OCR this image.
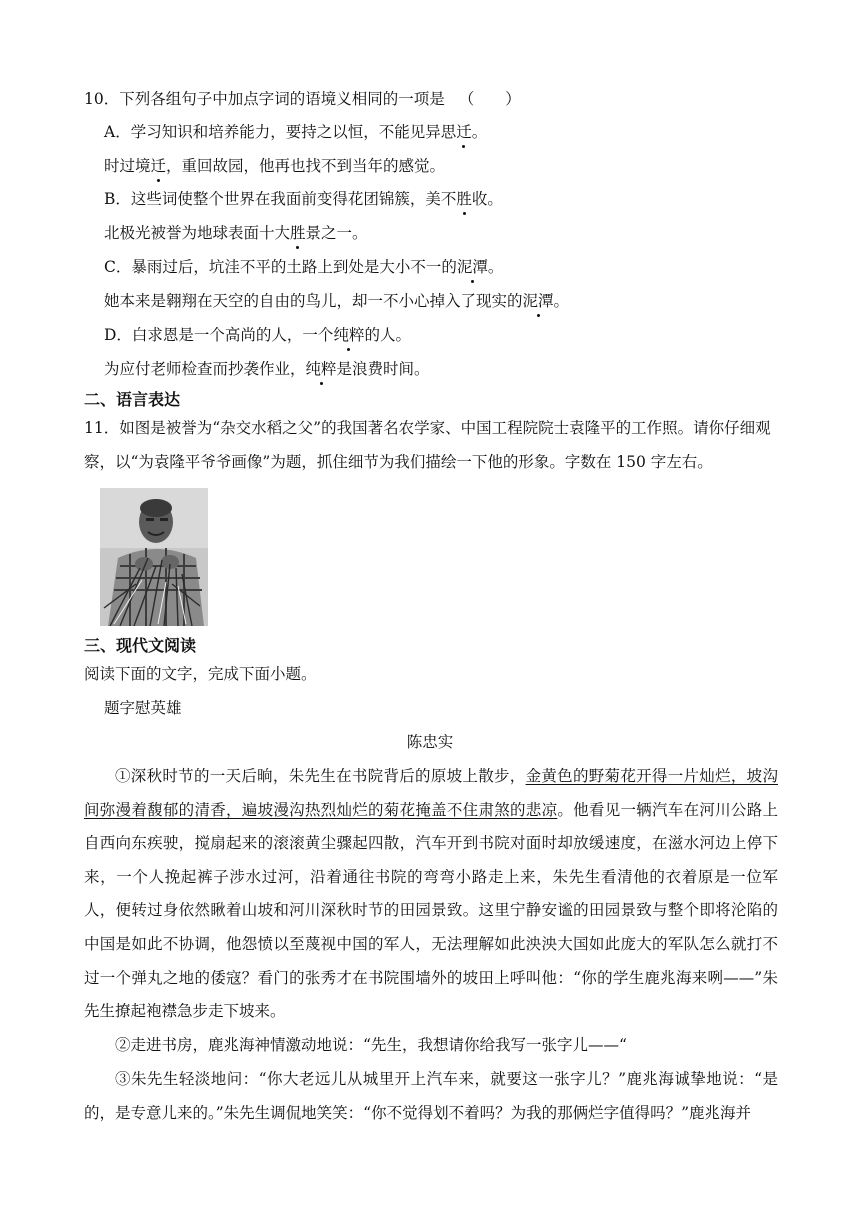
10．下列各组句子中加点字词的语境义相同的一项是 （　　）
A．学习知识和培养能力，要持之以恒，不能见异思迁。
时过境迁，重回故园，他再也找不到当年的感觉。
B．这些词使整个世界在我面前变得花团锦簇，美不胜收。
北极光被誉为地球表面十大胜景之一。
C．暴雨过后，坑洼不平的土路上到处是大小不一的泥潭。
她本来是翱翔在天空的自由的鸟儿，却一不小心掉入了现实的泥潭。
D．白求恩是一个高尚的人，一个纯粹的人。
为应付老师检查而抄袭作业，纯粹是浪费时间。
二、语言表达
11．如图是被誉为“杂交水稻之父”的我国著名农学家、中国工程院院士袁隆平的工作照。请你仔细观
察，以“为袁隆平爷爷画像”为题，抓住细节为我们描绘一下他的形象。字数在 150 字左右。
三、现代文阅读
阅读下面的文字，完成下面小题。
题字慰英雄
陈忠实
①深秋时节的一天后晌，朱先生在书院背后的原坡上散步，金黄色的野菊花开得一片灿烂，坡沟间弥漫着馥郁的清香，遍坡漫沟热烈灿烂的菊花掩盖不住肃煞的悲凉。他看见一辆汽车在河川公路上自西向东疾驶，搅扇起来的滚滚黄尘骤起四散，汽车开到书院对面时却放缓速度，在滋水河边上停下来，一个人挽起裤子涉水过河，沿着通往书院的弯弯小路走上来，朱先生看清他的衣着原是一位军人，便转过身依然瞅着山坡和河川深秋时节的田园景致。这里宁静安谧的田园景致与整个即将沦陷的中国是如此不协调，他怨愤以至蔑视中国的军人，无法理解如此泱泱大国如此庞大的军队怎么就打不过一个弹丸之地的倭寇？看门的张秀才在书院围墙外的坡田上呼叫他：“你的学生鹿兆海来咧——”朱先生撩起袍襟急步走下坡来。
②走进书房，鹿兆海神情激动地说：“先生，我想请你给我写一张字儿——“
③朱先生轻淡地问：“你大老远儿从城里开上汽车来，就要这一张字儿？”鹿兆海诚挚地说：“是的，是专意儿来的。”朱先生调侃地笑笑：“你不觉得划不着吗？为我的那俩烂字值得吗？”鹿兆海并
